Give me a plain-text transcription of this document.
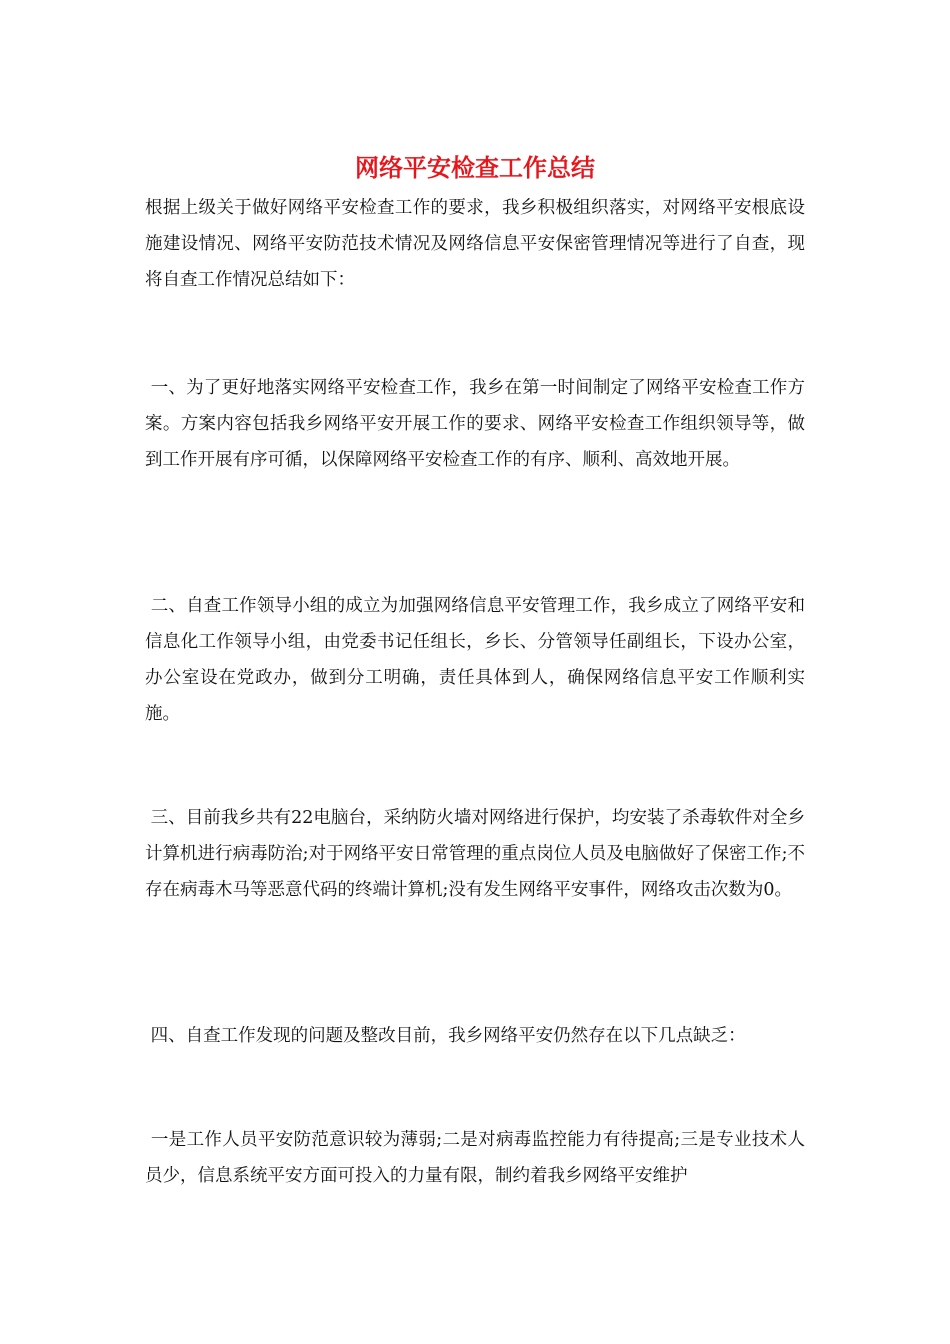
网络平安检查工作总结

根据上级关于做好网络平安检查工作的要求，我乡积极组织落实，对网络平安根底设施建设情况、网络平安防范技术情况及网络信息平安保密管理情况等进行了自查，现将自查工作情况总结如下：

一、为了更好地落实网络平安检查工作，我乡在第一时间制定了网络平安检查工作方案。方案内容包括我乡网络平安开展工作的要求、网络平安检查工作组织领导等，做到工作开展有序可循，以保障网络平安检查工作的有序、顺利、高效地开展。

二、自查工作领导小组的成立为加强网络信息平安管理工作，我乡成立了网络平安和信息化工作领导小组，由党委书记任组长，乡长、分管领导任副组长，下设办公室，办公室设在党政办，做到分工明确，责任具体到人，确保网络信息平安工作顺利实施。

三、目前我乡共有22电脑台，采纳防火墙对网络进行保护，均安装了杀毒软件对全乡计算机进行病毒防治;对于网络平安日常管理的重点岗位人员及电脑做好了保密工作;不存在病毒木马等恶意代码的终端计算机;没有发生网络平安事件，网络攻击次数为0。

四、自查工作发现的问题及整改目前，我乡网络平安仍然存在以下几点缺乏：

一是工作人员平安防范意识较为薄弱;二是对病毒监控能力有待提高;三是专业技术人员少，信息系统平安方面可投入的力量有限，制约着我乡网络平安维护
